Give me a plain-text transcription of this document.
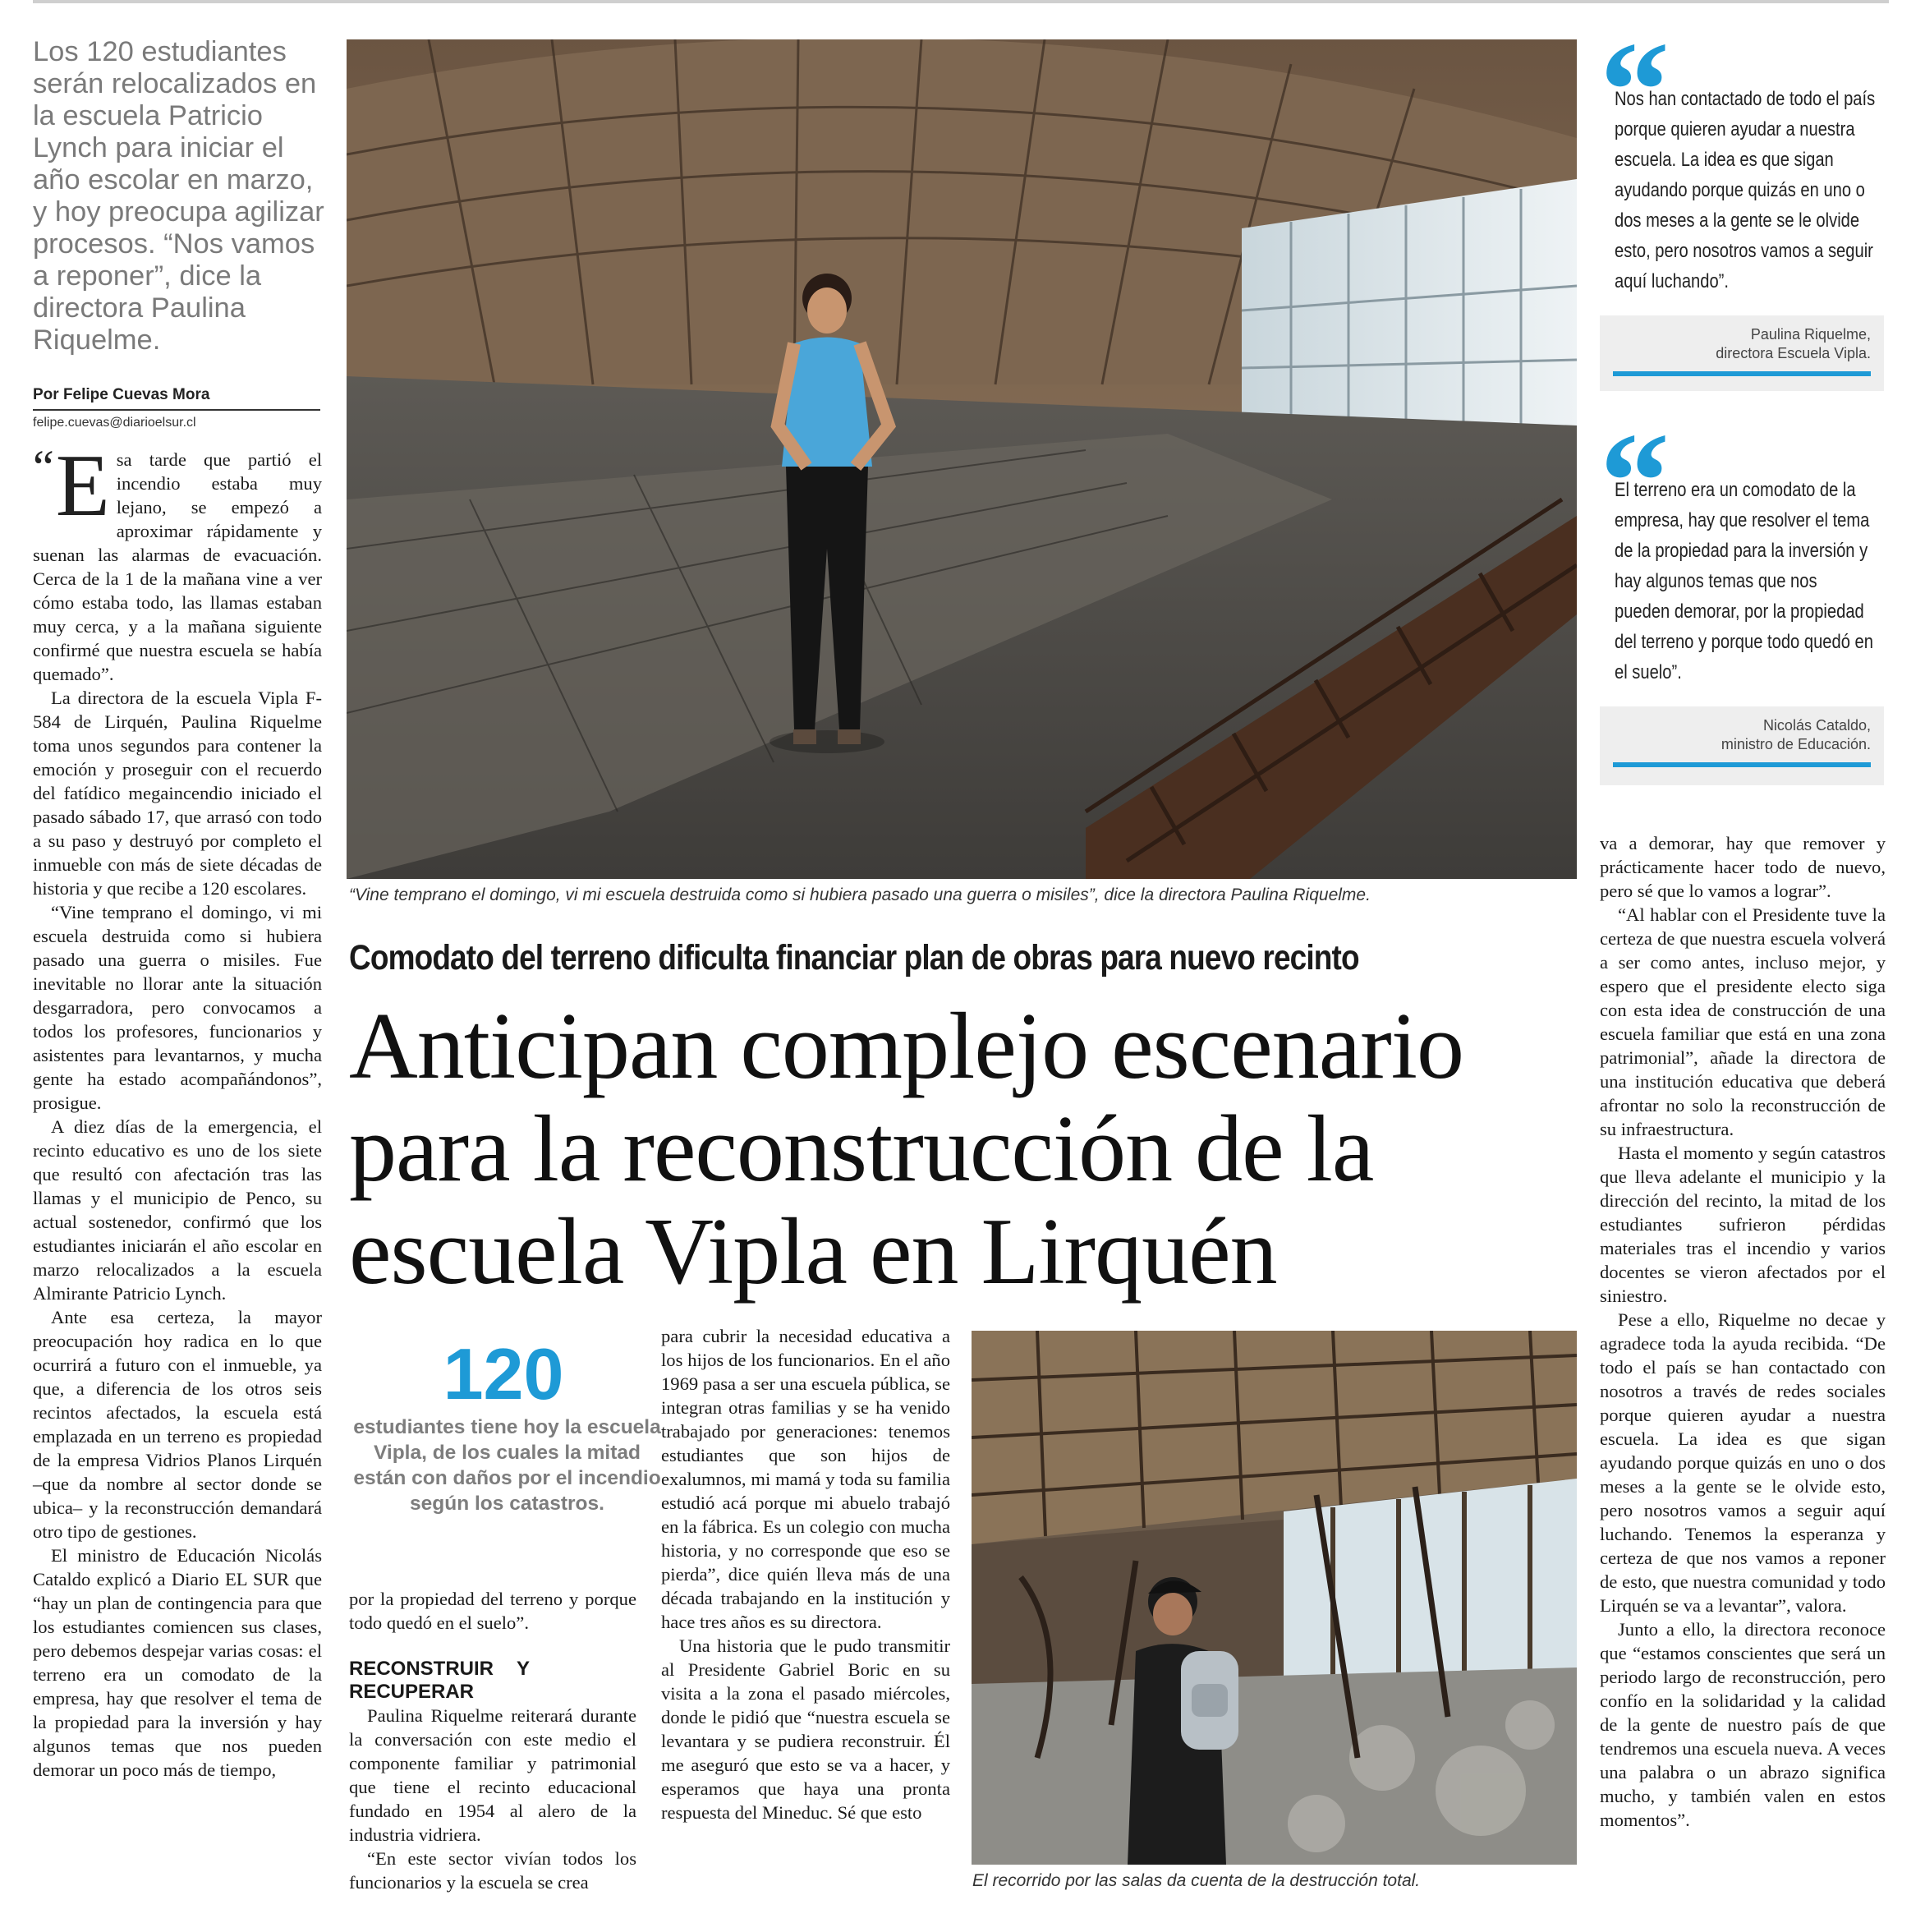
Los 120 estudiantes serán relocalizados en la escuela Patricio Lynch para iniciar el año escolar en marzo, y hoy preocupa agilizar procesos. “Nos vamos a reponer”, dice la directora Paulina Riquelme.
Por Felipe Cuevas Mora
felipe.cuevas@diarioelsur.cl

“ E sa tarde que partió el incendio estaba muy lejano, se empezó a aproximar rápidamente y suenan las alarmas de evacuación. Cerca de la 1 de la mañana vine a ver cómo estaba todo, las llamas estaban muy cerca, y a la mañana siguiente confirmé que nuestra escuela se había quemado”.

La directora de la escuela Vipla F-584 de Lirquén, Paulina Riquelme toma unos segundos para contener la emoción y proseguir con el recuerdo del fatídico megaincendio iniciado el pasado sábado 17, que arrasó con todo a su paso y destruyó por completo el inmueble con más de siete décadas de historia y que recibe a 120 escolares.

“Vine temprano el domingo, vi mi escuela destruida como si hubiera pasado una guerra o misiles. Fue inevitable no llorar ante la situación desgarradora, pero convocamos a todos los profesores, funcionarios y asistentes para levantarnos, y mucha gente ha estado acompañándonos”, prosigue.

A diez días de la emergencia, el recinto educativo es uno de los siete que resultó con afectación tras las llamas y el municipio de Penco, su actual sostenedor, confirmó que los estudiantes iniciarán el año escolar en marzo relocalizados a la escuela Almirante Patricio Lynch.

Ante esa certeza, la mayor preocupación hoy radica en lo que ocurrirá a futuro con el inmueble, ya que, a diferencia de los otros seis recintos afectados, la escuela está emplazada en un terreno es propiedad de la empresa Vidrios Planos Lirquén –que da nombre al sector donde se ubica– y la reconstrucción demandará otro tipo de gestiones.

El ministro de Educación Nicolás Cataldo explicó a Diario EL SUR que “hay un plan de contingencia para que los estudiantes comiencen sus clases, pero debemos despejar varias cosas: el terreno era un comodato de la empresa, hay que resolver el tema de la propiedad para la inversión y hay algunos temas que nos pueden demorar un poco más de tiempo,

“Vine temprano el domingo, vi mi escuela destruida como si hubiera pasado una guerra o misiles”, dice la directora Paulina Riquelme.
Comodato del terreno dificulta financiar plan de obras para nuevo recinto
Anticipan complejo escenario
para la reconstrucción de la
escuela Vipla en Lirquén
120
estudiantes tiene hoy la escuela Vipla, de los cuales la mitad están con daños por el incendio según los catastros.

por la propiedad del terreno y porque todo quedó en el suelo”.

RECONSTRUIR Y RECUPERAR

Paulina Riquelme reiterará durante la conversación con este medio el componente familiar y patrimonial que tiene el recinto educacional fundado en 1954 al alero de la industria vidriera.

“En este sector vivían todos los funcionarios y la escuela se crea

para cubrir la necesidad educativa a los hijos de los funcionarios. En el año 1969 pasa a ser una escuela pública, se integran otras familias y se ha venido trabajado por generaciones: tenemos estudiantes que son hijos de exalumnos, mi mamá y toda su familia estudió acá porque mi abuelo trabajó en la fábrica. Es un colegio con mucha historia, y no corresponde que eso se pierda”, dice quién lleva más de una década trabajando en la institución y hace tres años es su directora.

Una historia que le pudo transmitir al Presidente Gabriel Boric en su visita a la zona el pasado miércoles, donde le pidió que “nuestra escuela se levantara y se pudiera reconstruir. Él me aseguró que esto se va a hacer, y esperamos que haya una pronta respuesta del Mineduc. Sé que esto

El recorrido por las salas da cuenta de la destrucción total.
“
Nos han contactado de todo el país porque quieren ayudar a nuestra escuela. La idea es que sigan ayudando porque quizás en uno o dos meses a la gente se le olvide esto, pero nosotros vamos a seguir aquí luchando”.
Paulina Riquelme,
directora Escuela Vipla.
“
El terreno era un comodato de la empresa, hay que resolver el tema de la propiedad para la inversión y hay algunos temas que nos pueden demorar, por la propiedad del terreno y porque todo quedó en el suelo”.
Nicolás Cataldo,
ministro de Educación.

va a demorar, hay que remover y prácticamente hacer todo de nuevo, pero sé que lo vamos a lograr”.

“Al hablar con el Presidente tuve la certeza de que nuestra escuela volverá a ser como antes, incluso mejor, y espero que el presidente electo siga con esta idea de construcción de una escuela familiar que está en una zona patrimonial”, añade la directora de una institución educativa que deberá afrontar no solo la reconstrucción de su infraestructura.

Hasta el momento y según catastros que lleva adelante el municipio y la dirección del recinto, la mitad de los estudiantes sufrieron pérdidas materiales tras el incendio y varios docentes se vieron afectados por el siniestro.

Pese a ello, Riquelme no decae y agradece toda la ayuda recibida. “De todo el país se han contactado con nosotros a través de redes sociales porque quieren ayudar a nuestra escuela. La idea es que sigan ayudando porque quizás en uno o dos meses a la gente se le olvide esto, pero nosotros vamos a seguir aquí luchando. Tenemos la esperanza y certeza de que nos vamos a reponer de esto, que nuestra comunidad y todo Lirquén se va a levantar”, valora.

Junto a ello, la directora reconoce que “estamos conscientes que será un periodo largo de reconstrucción, pero confío en la solidaridad y la calidad de la gente de nuestro país de que tendremos una escuela nueva. A veces una palabra o un abrazo significa mucho, y también valen en estos momentos”.
